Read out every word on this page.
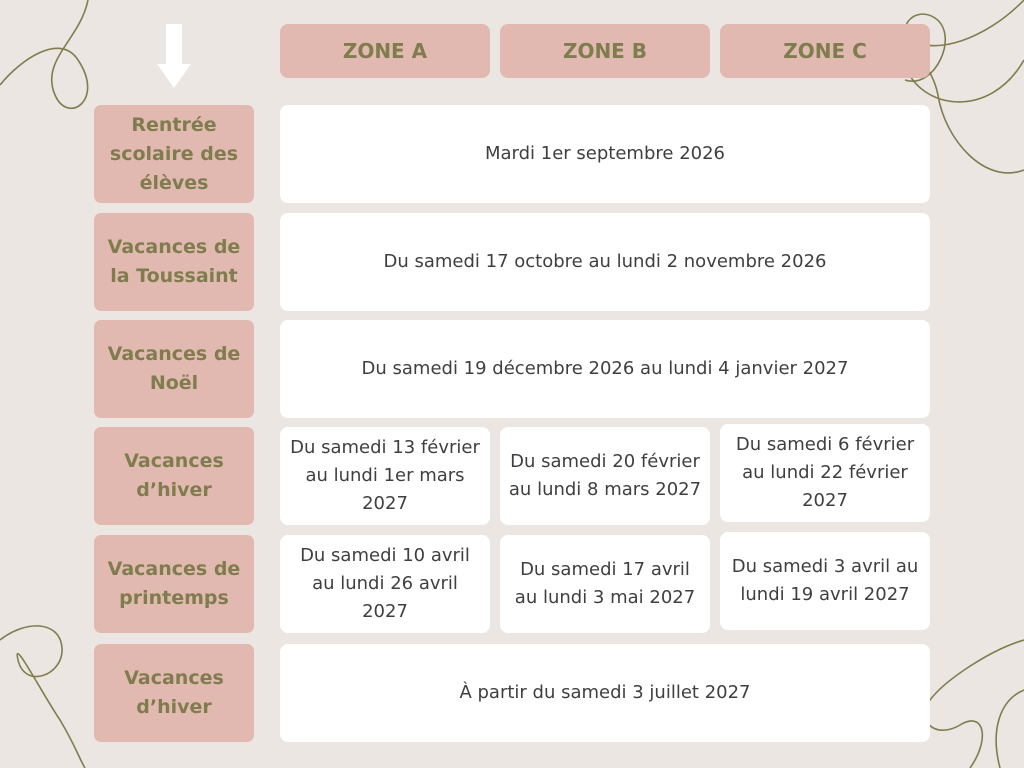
ZONE A	ZONE B	ZONE C
Rentrée scolaire des élèves
Mardi 1er septembre 2026
Vacances de la Toussaint
Du samedi 17 octobre au lundi 2 novembre 2026
Vacances de Noël
Du samedi 19 décembre 2026 au lundi 4 janvier 2027
Vacances d’hiver
Du samedi 13 février au lundi 1er mars 2027
Du samedi 20 février au lundi 8 mars 2027
Du samedi 6 février au lundi 22 février 2027
Vacances de printemps
Du samedi 10 avril au lundi 26 avril 2027
Du samedi 17 avril au lundi 3 mai 2027
Du samedi 3 avril au lundi 19 avril 2027
Vacances d’hiver
À partir du samedi 3 juillet 2027
